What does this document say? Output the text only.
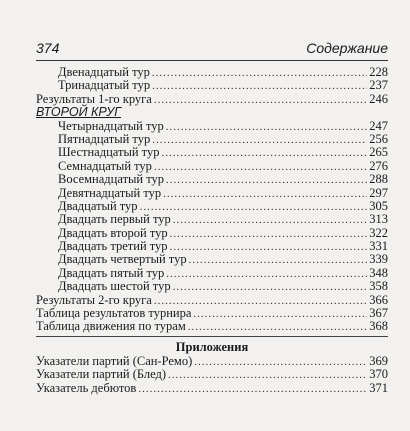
374	Содержание
Двенадцатый тур .....	228
Тринадцатый тур .....	237
Результаты 1-го круга .....	246
ВТОРОЙ КРУГ
Четырнадцатый тур .....	247
Пятнадцатый тур .....	256
Шестнадцатый тур .....	265
Семнадцатый тур .....	276
Восемнадцатый тур .....	288
Девятнадцатый тур .....	297
Двадцатый тур .....	305
Двадцать первый тур .....	313
Двадцать второй тур .....	322
Двадцать третий тур .....	331
Двадцать четвертый тур .....	339
Двадцать пятый тур .....	348
Двадцать шестой тур .....	358
Результаты 2-го круга .....	366
Таблица результатов турнира .....	367
Таблица движения по турам .....	368
Приложения
Указатели партий (Сан-Ремо) .....	369
Указатели партий (Блед) .....	370
Указатель дебютов .....	371
